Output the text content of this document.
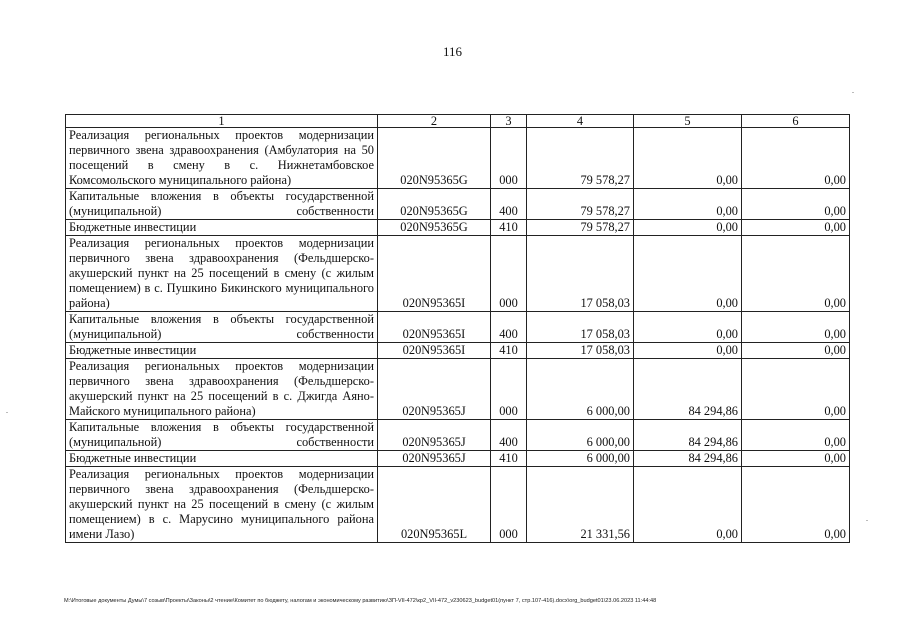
116
1	2	3	4	5	6
Реализация региональных проектов модернизации первичного звена здравоохранения (Амбулатория на 50 посещений в смену в с. Нижнетамбовское Комсомольского муниципального района)	020N95365G	000	79 578,27	0,00	0,00
Капитальные вложения в объекты государственной (муниципальной) собственности	020N95365G	400	79 578,27	0,00	0,00
Бюджетные инвестиции	020N95365G	410	79 578,27	0,00	0,00
Реализация региональных проектов модернизации первичного звена здравоохранения (Фельдшерско-акушерский пункт на 25 посещений в смену (с жилым помещением) в с. Пушкино Бикинского муниципального района)	020N95365I	000	17 058,03	0,00	0,00
Капитальные вложения в объекты государственной (муниципальной) собственности	020N95365I	400	17 058,03	0,00	0,00
Бюджетные инвестиции	020N95365I	410	17 058,03	0,00	0,00
Реализация региональных проектов модернизации первичного звена здравоохранения (Фельдшерско-акушерский пункт на 25 посещений в с. Джигда Аяно-Майского муниципального района)	020N95365J	000	6 000,00	84 294,86	0,00
Капитальные вложения в объекты государственной (муниципальной) собственности	020N95365J	400	6 000,00	84 294,86	0,00
Бюджетные инвестиции	020N95365J	410	6 000,00	84 294,86	0,00
Реализация региональных проектов модернизации первичного звена здравоохранения (Фельдшерско-акушерский пункт на 25 посещений в смену (с жилым помещением) в с. Марусино муниципального района имени Лазо)	020N95365L	000	21 331,56	0,00	0,00
M:\Итоговые документы Думы\7 созыв\Проекты\Законы\2 чтение\Комитет по бюджету, налогам и экономическому развитию\ЗП-VII-472\кр2_VII-472_v230623_budget01(пункт 7, стр.107-416).docx\org_budget01\23.06.2023 11:44:48
